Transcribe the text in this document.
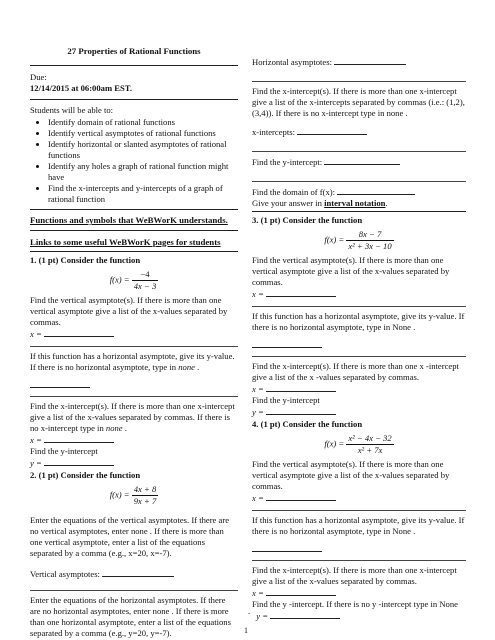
27 Properties of Rational Functions

Due:

12/14/2015 at 06:00am EST.

Students will be able to:

• Identify domain of rational functions
• Identify vertical asymptotes of rational functions
• Identify horizontal or slanted asymptotes of rational functions
• Identify any holes a graph of rational function might have
• Find the x-intercepts and y-intercepts of a graph of rational function

Functions and symbols that WeBWorK understands.

Links to some useful WeBWorK pages for students

1. (1 pt) Consider the function

$f(x) = \frac{-4}{4x - 3}$

Find the vertical asymptote(s). If there is more than one vertical asymptote give a list of the x-values separated by commas.

x =

If this function has a horizontal asymptote, give its y-value. If there is no horizontal asymptote, type in none .

Find the x-intercept(s). If there is more than one x-intercept give a list of the x-values separated by commas. If there is no x-intercept type in none .

x =

Find the y-intercept

y =

2. (1 pt) Consider the function

$f(x) = \frac{4x + 8}{9x + 7}$

Enter the equations of the vertical asymptotes. If there are no vertical asymptotes, enter none . If there is more than one vertical asymptote, enter a list of the equations separated by a comma (e.g., x=20, x=-7).

Vertical asymptotes:

Enter the equations of the horizontal asymptotes. If there are no horizontal asymptotes, enter none . If there is more than one horizontal asymptote, enter a list of the equations separated by a comma (e.g., y=20, y=-7).

Horizontal asymptotes:

Find the x-intercept(s). If there is more than one x-intercept give a list of the x-intercepts separated by commas (i.e.: (1,2),(3,4)). If there is no x-intercept type in none .

x-intercepts:

Find the y-intercept:

Find the domain of f(x):

Give your answer in interval notation.

3. (1 pt) Consider the function

$f(x) = \frac{8x - 7}{\text{x² + 3x − 10}}$

Find the vertical asymptote(s). If there is more than one vertical asymptote give a list of the x-values separated by commas.

x =

If this function has a horizontal asymptote, give its y-value. If there is no horizontal asymptote, type in None .

Find the x-intercept(s). If there is more than one x -intercept give a list of the x -values separated by commas.

x =

Find the y-intercept

y =

4. (1 pt) Consider the function

$f(x) = \frac{\text{x² − 4x − 32}}{\text{x² + 7x}}$

Find the vertical asymptote(s). If there is more than one vertical asymptote give a list of the x-values separated by commas.

x =

If this function has a horizontal asymptote, give its y-value. If there is no horizontal asymptote, type in None .

Find the x-intercept(s). If there is more than one x-intercept give a list of the x-values separated by commas.

x =

Find the y -intercept. If there is no y -intercept type in None

. y =

1
